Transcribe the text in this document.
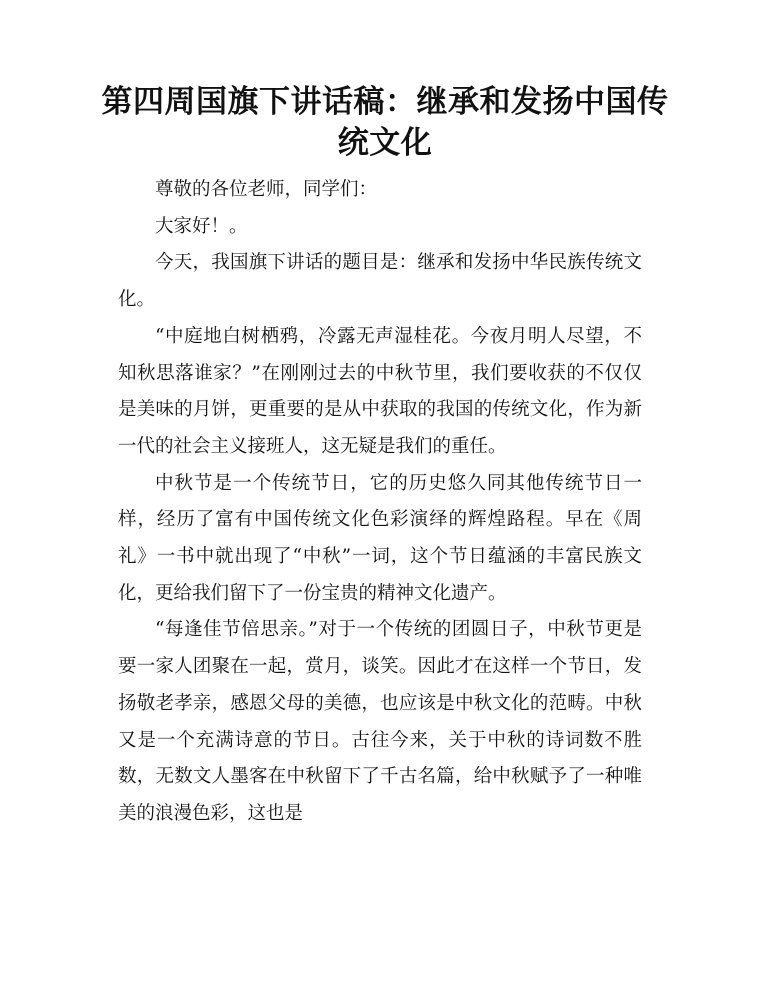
第四周国旗下讲话稿：继承和发扬中国传统文化

尊敬的各位老师，同学们：

大家好！。

今天，我国旗下讲话的题目是：继承和发扬中华民族传统文化。

“中庭地白树栖鸦，冷露无声湿桂花。今夜月明人尽望，不知秋思落谁家？”在刚刚过去的中秋节里，我们要收获的不仅仅是美味的月饼，更重要的是从中获取的我国的传统文化，作为新一代的社会主义接班人，这无疑是我们的重任。

中秋节是一个传统节日，它的历史悠久同其他传统节日一样，经历了富有中国传统文化色彩演绎的辉煌路程。早在《周礼》一书中就出现了“中秋”一词，这个节日蕴涵的丰富民族文化，更给我们留下了一份宝贵的精神文化遗产。

“每逢佳节倍思亲。”对于一个传统的团圆日子，中秋节更是要一家人团聚在一起，赏月，谈笑。因此才在这样一个节日，发扬敬老孝亲，感恩父母的美德，也应该是中秋文化的范畴。中秋又是一个充满诗意的节日。古往今来，关于中秋的诗词数不胜数，无数文人墨客在中秋留下了千古名篇，给中秋赋予了一种唯美的浪漫色彩，这也是
